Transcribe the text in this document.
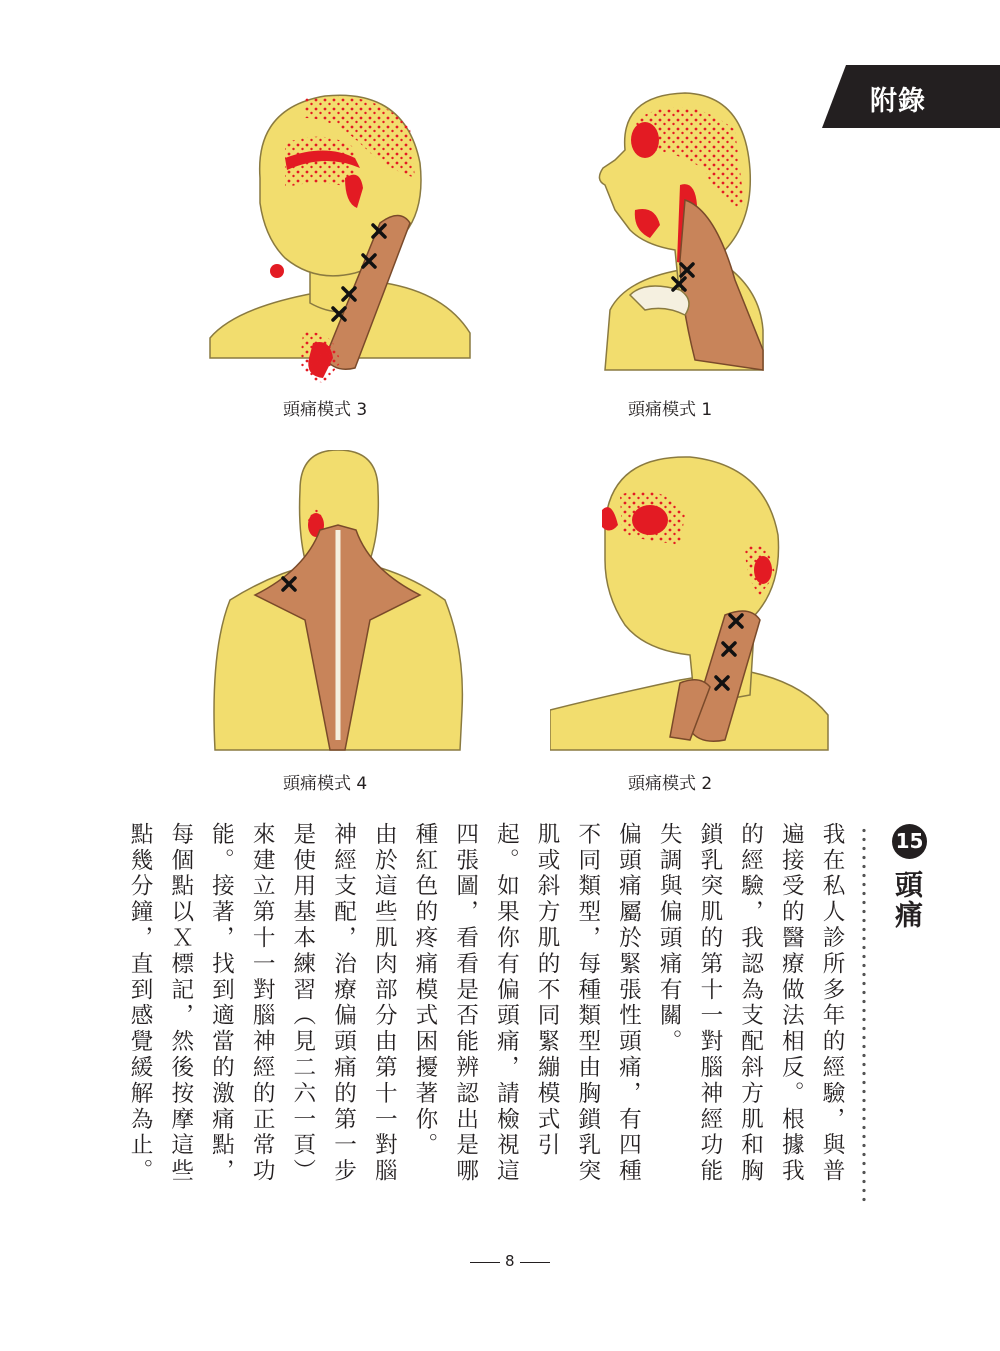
附錄
頭痛模式 3	頭痛模式 1
頭痛模式 4	頭痛模式 2
15
頭痛

我在私人診所多年的經驗，與普遍接受的醫療做法相反。根據我的經驗，我認為支配斜方肌和胸鎖乳突肌的第十一對腦神經功能失調與偏頭痛有關。

偏頭痛屬於緊張性頭痛，有四種不同類型，每種類型由胸鎖乳突肌或斜方肌的不同緊繃模式引起。如果你有偏頭痛，請檢視這四張圖，看看是否能辨認出是哪種紅色的疼痛模式困擾著你。

由於這些肌肉部分由第十一對腦神經支配，治療偏頭痛的第一步是使用基本練習（見二六一頁）來建立第十一對腦神經的正常功能。接著，找到適當的激痛點，每個點以Ｘ標記，然後按摩這些點幾分鐘，直到感覺緩解為止。

8
